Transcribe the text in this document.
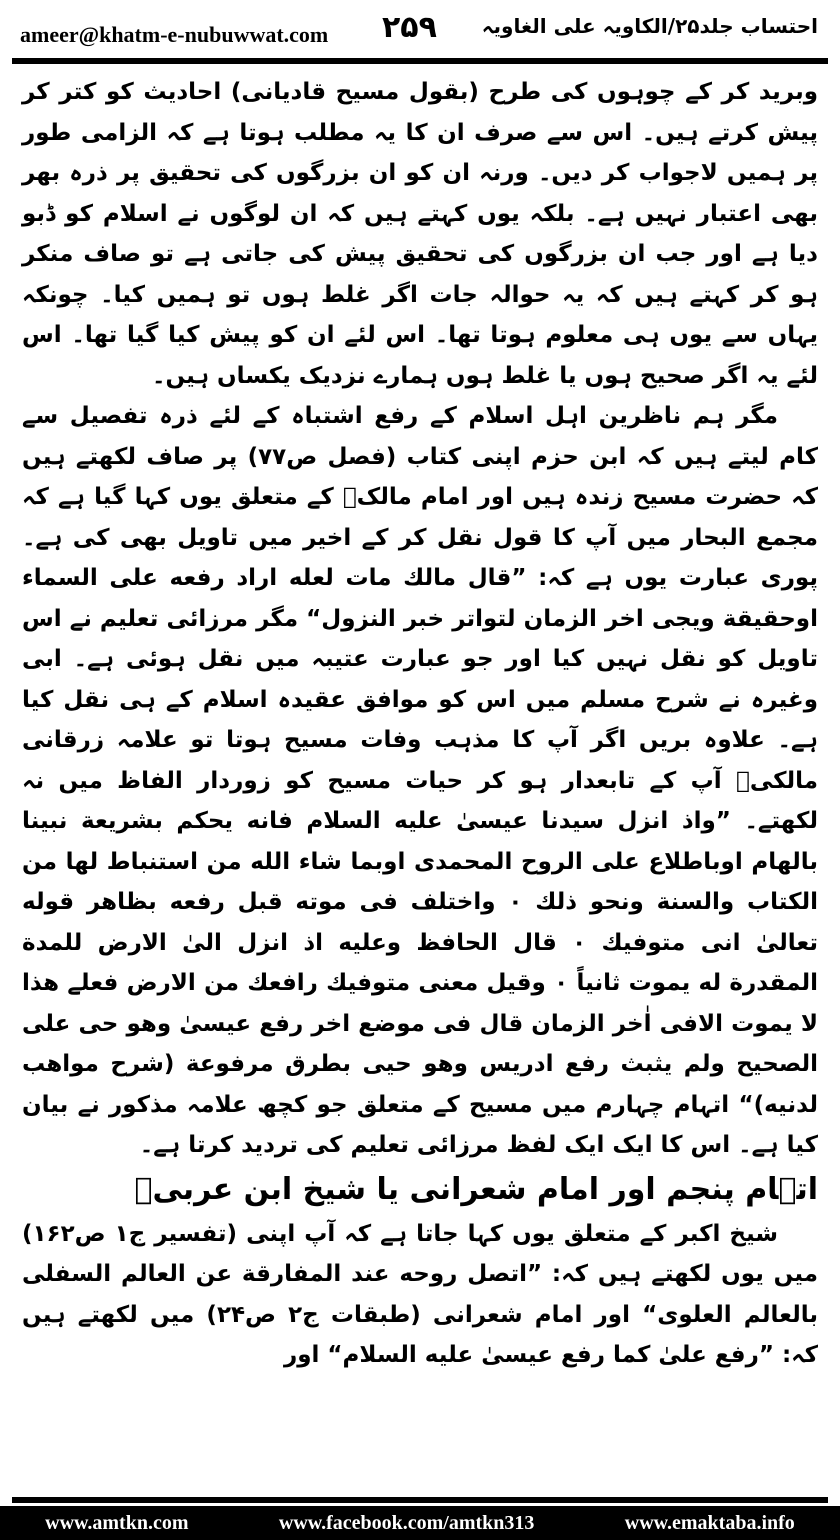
ameer@khatm-e-nubuwwat.com ۲۵۹ احتساب جلد۲۵/الکاویہ علی الغاویہ

وبرید کر کے چوہوں کی طرح (بقول مسیح قادیانی) احادیث کو کتر کر پیش کرتے ہیں۔ اس سے صرف ان کا یہ مطلب ہوتا ہے کہ الزامی طور پر ہمیں لاجواب کر دیں۔ ورنہ ان کو ان بزرگوں کی تحقیق پر ذرہ بھر بھی اعتبار نہیں ہے۔ بلکہ یوں کہتے ہیں کہ ان لوگوں نے اسلام کو ڈبو دیا ہے اور جب ان بزرگوں کی تحقیق پیش کی جاتی ہے تو صاف منکر ہو کر کہتے ہیں کہ یہ حوالہ جات اگر غلط ہوں تو ہمیں کیا۔ چونکہ یہاں سے یوں ہی معلوم ہوتا تھا۔ اس لئے ان کو پیش کیا گیا تھا۔ اس لئے یہ اگر صحیح ہوں یا غلط ہوں ہمارے نزدیک یکساں ہیں۔

مگر ہم ناظرین اہل اسلام کے رفع اشتباہ کے لئے ذرہ تفصیل سے کام لیتے ہیں کہ ابن حزم اپنی کتاب (فصل ص۷۷) پر صاف لکھتے ہیں کہ حضرت مسیح زندہ ہیں اور امام مالکؒ کے متعلق یوں کہا گیا ہے کہ مجمع البحار میں آپ کا قول نقل کر کے اخیر میں تاویل بھی کی ہے۔ پوری عبارت یوں ہے کہ: ”قال مالك مات لعله اراد رفعه على السماء اوحقيقة ويجى اخر الزمان لتواتر خبر النزول“ مگر مرزائی تعلیم نے اس تاویل کو نقل نہیں کیا اور جو عبارت عتیبہ میں نقل ہوئی ہے۔ ابی وغیرہ نے شرح مسلم میں اس کو موافق عقیدہ اسلام کے ہی نقل کیا ہے۔ علاوہ بریں اگر آپ کا مذہب وفات مسیح ہوتا تو علامہ زرقانی مالکیؒ آپ کے تابعدار ہو کر حیات مسیح کو زوردار الفاظ میں نہ لکھتے۔ ”واذ انزل سيدنا عيسىٰ عليه السلام فانه يحكم بشريعة نبينا بالهام اوباطلاع على الروح المحمدى اوبما شاء الله من استنباط لها من الكتاب والسنة ونحو ذلك ۰ واختلف فى موته قبل رفعه بظاهر قوله تعالىٰ انى متوفيك ۰ قال الحافظ وعليه اذ انزل الىٰ الارض للمدة المقدرة له يموت ثانياً ۰ وقيل معنى متوفيك رافعك من الارض فعلے هذا لا يموت الافى اٰخر الزمان قال فى موضع اخر رفع عيسىٰ وهو حى على الصحيح ولم يثبث رفع ادريس وهو حيى بطرق مرفوعة (شرح مواهب لدنيه)“ اتہام چہارم میں مسیح کے متعلق جو کچھ علامہ مذکور نے بیان کیا ہے۔ اس کا ایک ایک لفظ مرزائی تعلیم کی تردید کرتا ہے۔

اتہام پنجم اور امام شعرانی یا شیخ ابن عربیؒ

شیخ اکبر کے متعلق یوں کہا جاتا ہے کہ آپ اپنی (تفسیر ج۱ ص۱۶۲) میں یوں لکھتے ہیں کہ: ”اتصل روحه عند المفارقة عن العالم السفلى بالعالم العلوى“ اور امام شعرانی (طبقات ج۲ ص۲۴) میں لکھتے ہیں کہ: ”رفع علىٰ كما رفع عيسىٰ عليه السلام“ اور

www.amtkn.com	www.facebook.com/amtkn313	www.emaktaba.info
